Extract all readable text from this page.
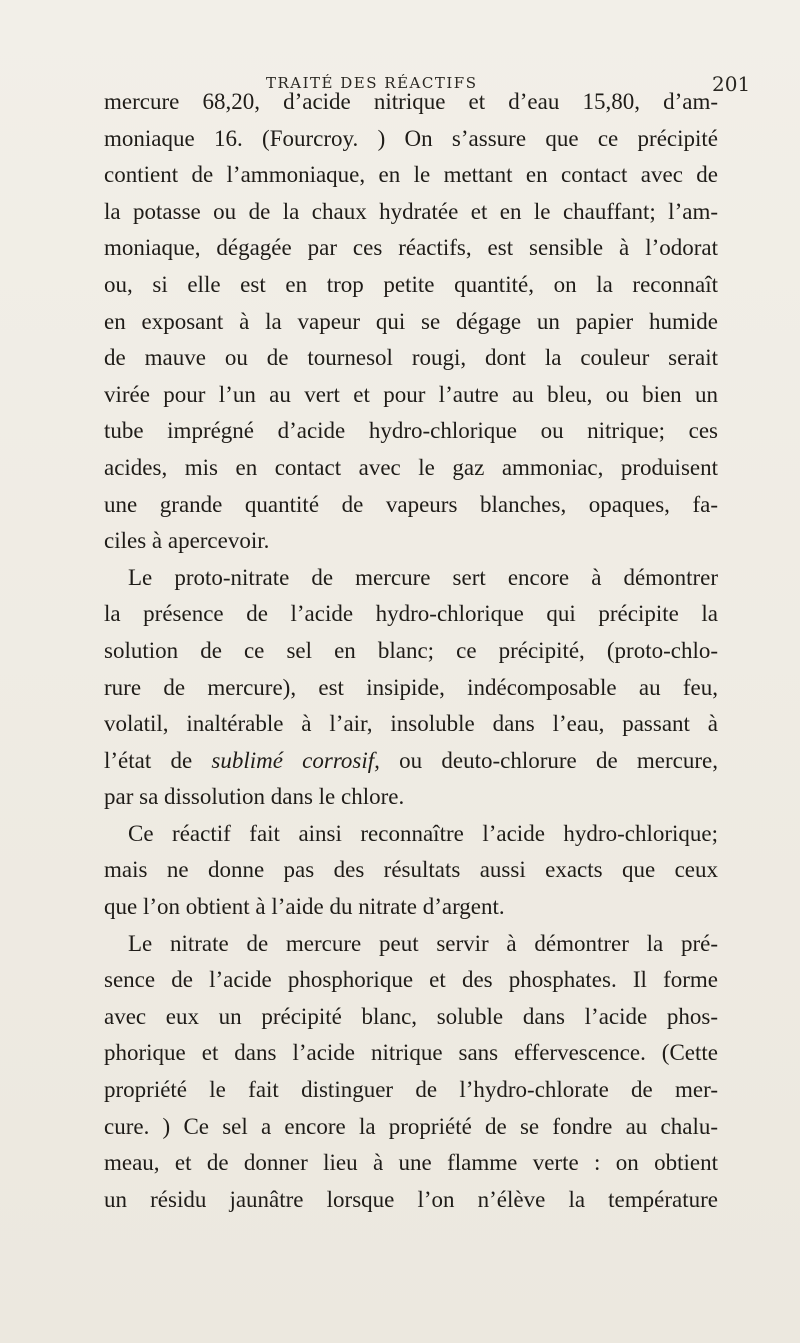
TRAITÉ DES RÉACTIFS	201
mercure 68,20, d’acide nitrique et d’eau 15,80, d’am-
moniaque 16. (Fourcroy. ) On s’assure que ce précipité
contient de l’ammoniaque, en le mettant en contact avec de
la potasse ou de la chaux hydratée et en le chauffant; l’am-
moniaque, dégagée par ces réactifs, est sensible à l’odorat
ou, si elle est en trop petite quantité, on la reconnaît
en exposant à la vapeur qui se dégage un papier humide
de mauve ou de tournesol rougi, dont la couleur serait
virée pour l’un au vert et pour l’autre au bleu, ou bien un
tube imprégné d’acide hydro-chlorique ou nitrique; ces
acides, mis en contact avec le gaz ammoniac, produisent
une grande quantité de vapeurs blanches, opaques, fa-
ciles à apercevoir.
Le proto-nitrate de mercure sert encore à démontrer
la présence de l’acide hydro-chlorique qui précipite la
solution de ce sel en blanc; ce précipité, (proto-chlo-
rure de mercure), est insipide, indécomposable au feu,
volatil, inaltérable à l’air, insoluble dans l’eau, passant à
l’état de sublimé corrosif, ou deuto-chlorure de mercure,
par sa dissolution dans le chlore.
Ce réactif fait ainsi reconnaître l’acide hydro-chlorique;
mais ne donne pas des résultats aussi exacts que ceux
que l’on obtient à l’aide du nitrate d’argent.
Le nitrate de mercure peut servir à démontrer la pré-
sence de l’acide phosphorique et des phosphates. Il forme
avec eux un précipité blanc, soluble dans l’acide phos-
phorique et dans l’acide nitrique sans effervescence. (Cette
propriété le fait distinguer de l’hydro-chlorate de mer-
cure. ) Ce sel a encore la propriété de se fondre au chalu-
meau, et de donner lieu à une flamme verte : on obtient
un résidu jaunâtre lorsque l’on n’élève la température
